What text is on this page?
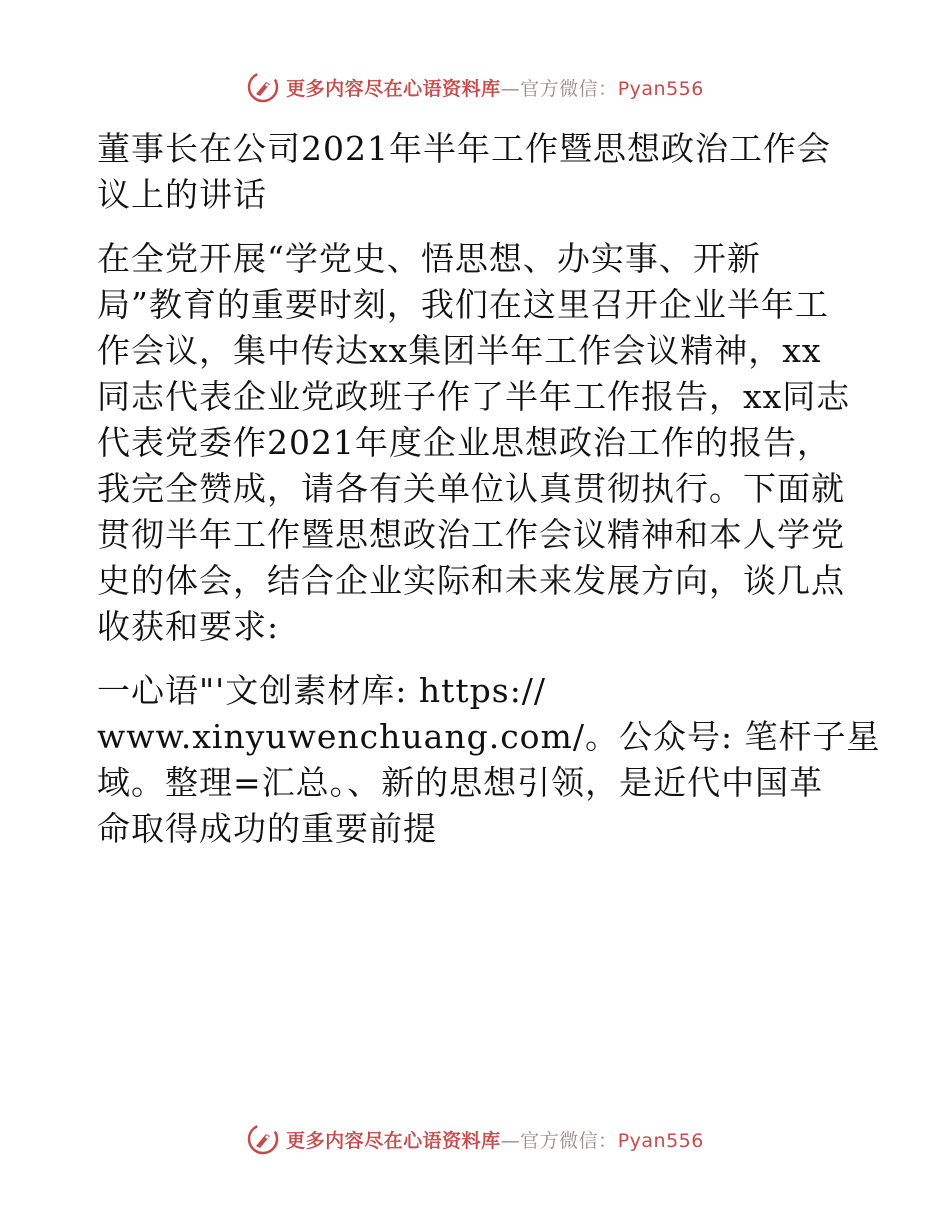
更多内容尽在心语资料库—官方微信：Pyan556

董事长在公司2021年半年工作暨思想政治工作会
议上的讲话

在全党开展“学党史、悟思想、办实事、开新
局”教育的重要时刻，我们在这里召开企业半年工
作会议，集中传达xx集团半年工作会议精神，xx
同志代表企业党政班子作了半年工作报告，xx同志
代表党委作2021年度企业思想政治工作的报告，
我完全赞成，请各有关单位认真贯彻执行。下面就
贯彻半年工作暨思想政治工作会议精神和本人学党
史的体会，结合企业实际和未来发展方向，谈几点
收获和要求:

一心语"'文创素材库: https://
www.xinyuwenchuang.com/。公众号: 笔杆子星
域。整理=汇总。、新的思想引领，是近代中国革
命取得成功的重要前提

更多内容尽在心语资料库—官方微信：Pyan556
